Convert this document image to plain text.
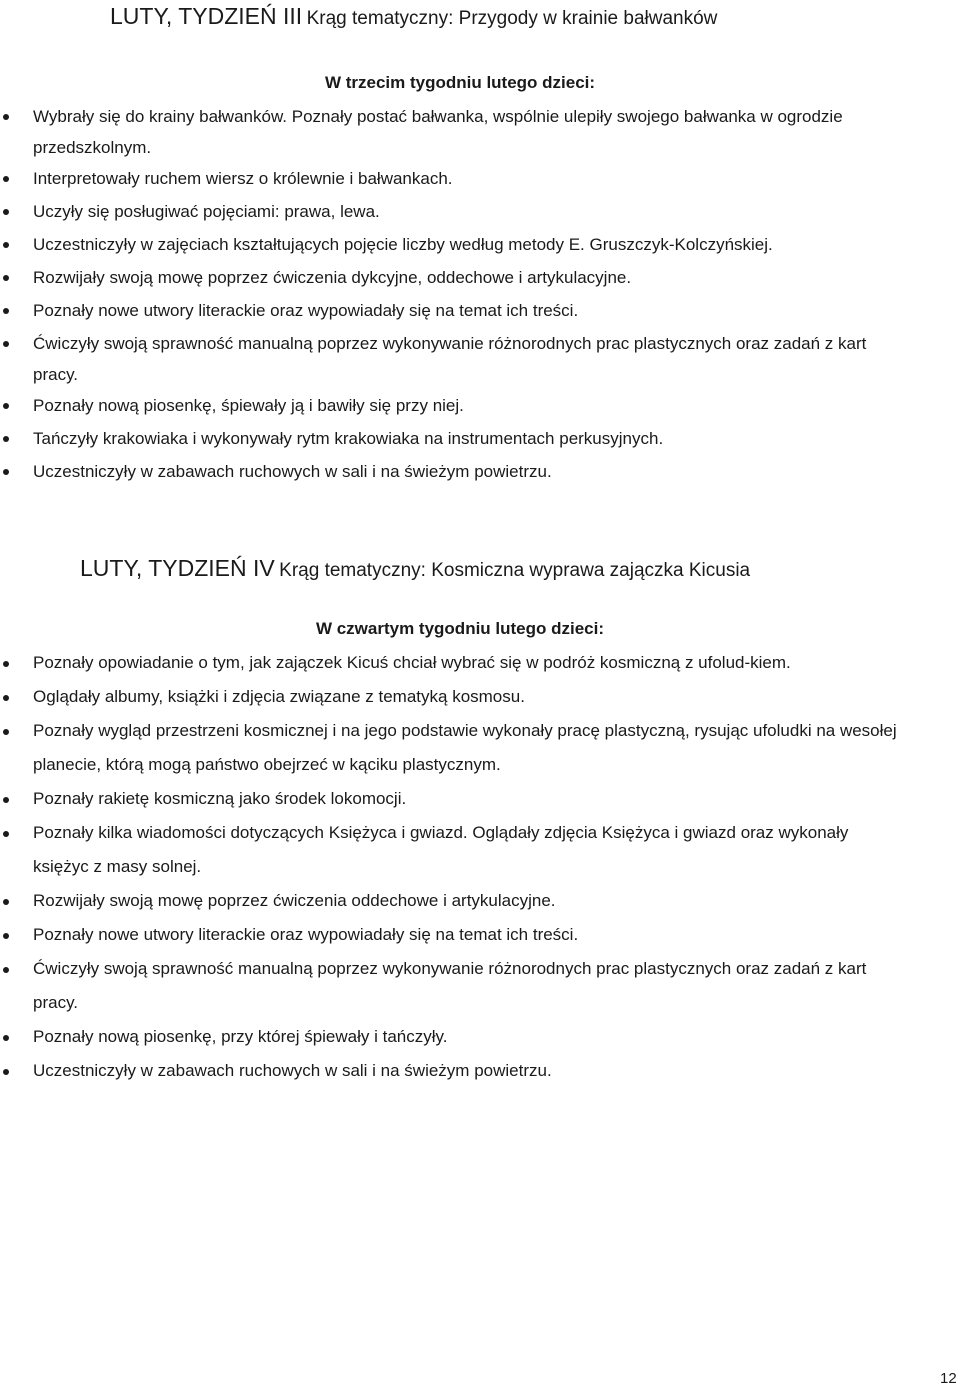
LUTY, TYDZIEŃ III Krąg tematyczny: Przygody w krainie bałwanków
W trzecim tygodniu lutego dzieci:
Wybrały się do krainy bałwanków. Poznały postać bałwanka, wspólnie ulepiły swojego bałwanka w ogrodzie przedszkolnym.
Interpretowały ruchem wiersz o królewnie i bałwankach.
Uczyły się posługiwać pojęciami: prawa, lewa.
Uczestniczyły w zajęciach kształtujących pojęcie liczby według metody E. Gruszczyk-Kolczyńskiej.
Rozwijały swoją mowę poprzez ćwiczenia dykcyjne, oddechowe i artykulacyjne.
Poznały nowe utwory literackie oraz wypowiadały się na temat ich treści.
Ćwiczyły swoją sprawność manualną poprzez wykonywanie różnorodnych prac plastycznych oraz zadań z kart pracy.
Poznały nową piosenkę, śpiewały ją i bawiły się przy niej.
Tańczyły krakowiaka i wykonywały rytm krakowiaka na instrumentach perkusyjnych.
Uczestniczyły w zabawach ruchowych w sali i na świeżym powietrzu.
LUTY, TYDZIEŃ IV Krąg tematyczny: Kosmiczna wyprawa zajączka Kicusia
W czwartym tygodniu lutego dzieci:
Poznały opowiadanie o tym, jak zajączek Kicuś chciał wybrać się w podróż kosmiczną z ufolud-kiem.
Oglądały albumy, książki i zdjęcia związane z tematyką kosmosu.
Poznały wygląd przestrzeni kosmicznej i na jego podstawie wykonały pracę plastyczną, rysując ufoludki na wesołej planecie, którą mogą państwo obejrzeć w kąciku plastycznym.
Poznały rakietę kosmiczną jako środek lokomocji.
Poznały kilka wiadomości dotyczących Księżyca i gwiazd. Oglądały zdjęcia Księżyca i gwiazd oraz wykonały księżyc z masy solnej.
Rozwijały swoją mowę poprzez ćwiczenia oddechowe i artykulacyjne.
Poznały nowe utwory literackie oraz wypowiadały się na temat ich treści.
Ćwiczyły swoją sprawność manualną poprzez wykonywanie różnorodnych prac plastycznych oraz zadań z kart pracy.
Poznały nową piosenkę, przy której śpiewały i tańczyły.
Uczestniczyły w zabawach ruchowych w sali i na świeżym powietrzu.
12
